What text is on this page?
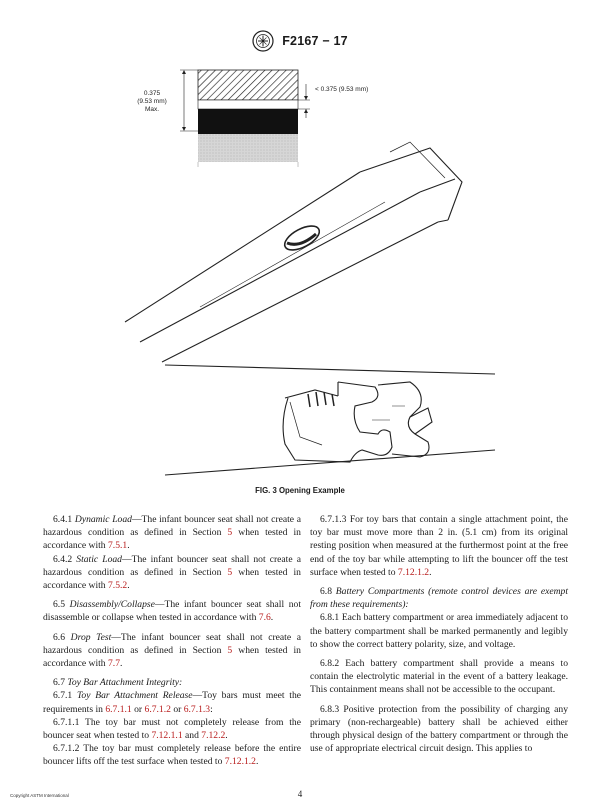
F2167 − 17
0.375
(9.53 mm)
Max.
< 0.375 (9.53 mm)
FIG. 3 Opening Example

6.4.1 Dynamic Load—The infant bouncer seat shall not create a hazardous condition as defined in Section 5 when tested in accordance with 7.5.1.

6.4.2 Static Load—The infant bouncer seat shall not create a hazardous condition as defined in Section 5 when tested in accordance with 7.5.2.

6.5 Disassembly/Collapse—The infant bouncer seat shall not disassemble or collapse when tested in accordance with 7.6.

6.6 Drop Test—The infant bouncer seat shall not create a hazardous condition as defined in Section 5 when tested in accordance with 7.7.

6.7 Toy Bar Attachment Integrity:

6.7.1 Toy Bar Attachment Release—Toy bars must meet the requirements in 6.7.1.1 or 6.7.1.2 or 6.7.1.3:

6.7.1.1 The toy bar must not completely release from the bouncer seat when tested to 7.12.1.1 and 7.12.2.

6.7.1.2 The toy bar must completely release before the entire bouncer lifts off the test surface when tested to 7.12.1.2.

6.7.1.3 For toy bars that contain a single attachment point, the toy bar must move more than 2 in. (5.1 cm) from its original resting position when measured at the furthermost point at the free end of the toy bar while attempting to lift the bouncer off the test surface when tested to 7.12.1.2.

6.8 Battery Compartments (remote control devices are exempt from these requirements):

6.8.1 Each battery compartment or area immediately adjacent to the battery compartment shall be marked permanently and legibly to show the correct battery polarity, size, and voltage.

6.8.2 Each battery compartment shall provide a means to contain the electrolytic material in the event of a battery leakage. This containment means shall not be accessible to the occupant.

6.8.3 Positive protection from the possibility of charging any primary (non-rechargeable) battery shall be achieved either through physical design of the battery compartment or through the use of appropriate electrical circuit design. This applies to

Copyright ASTM International	4
